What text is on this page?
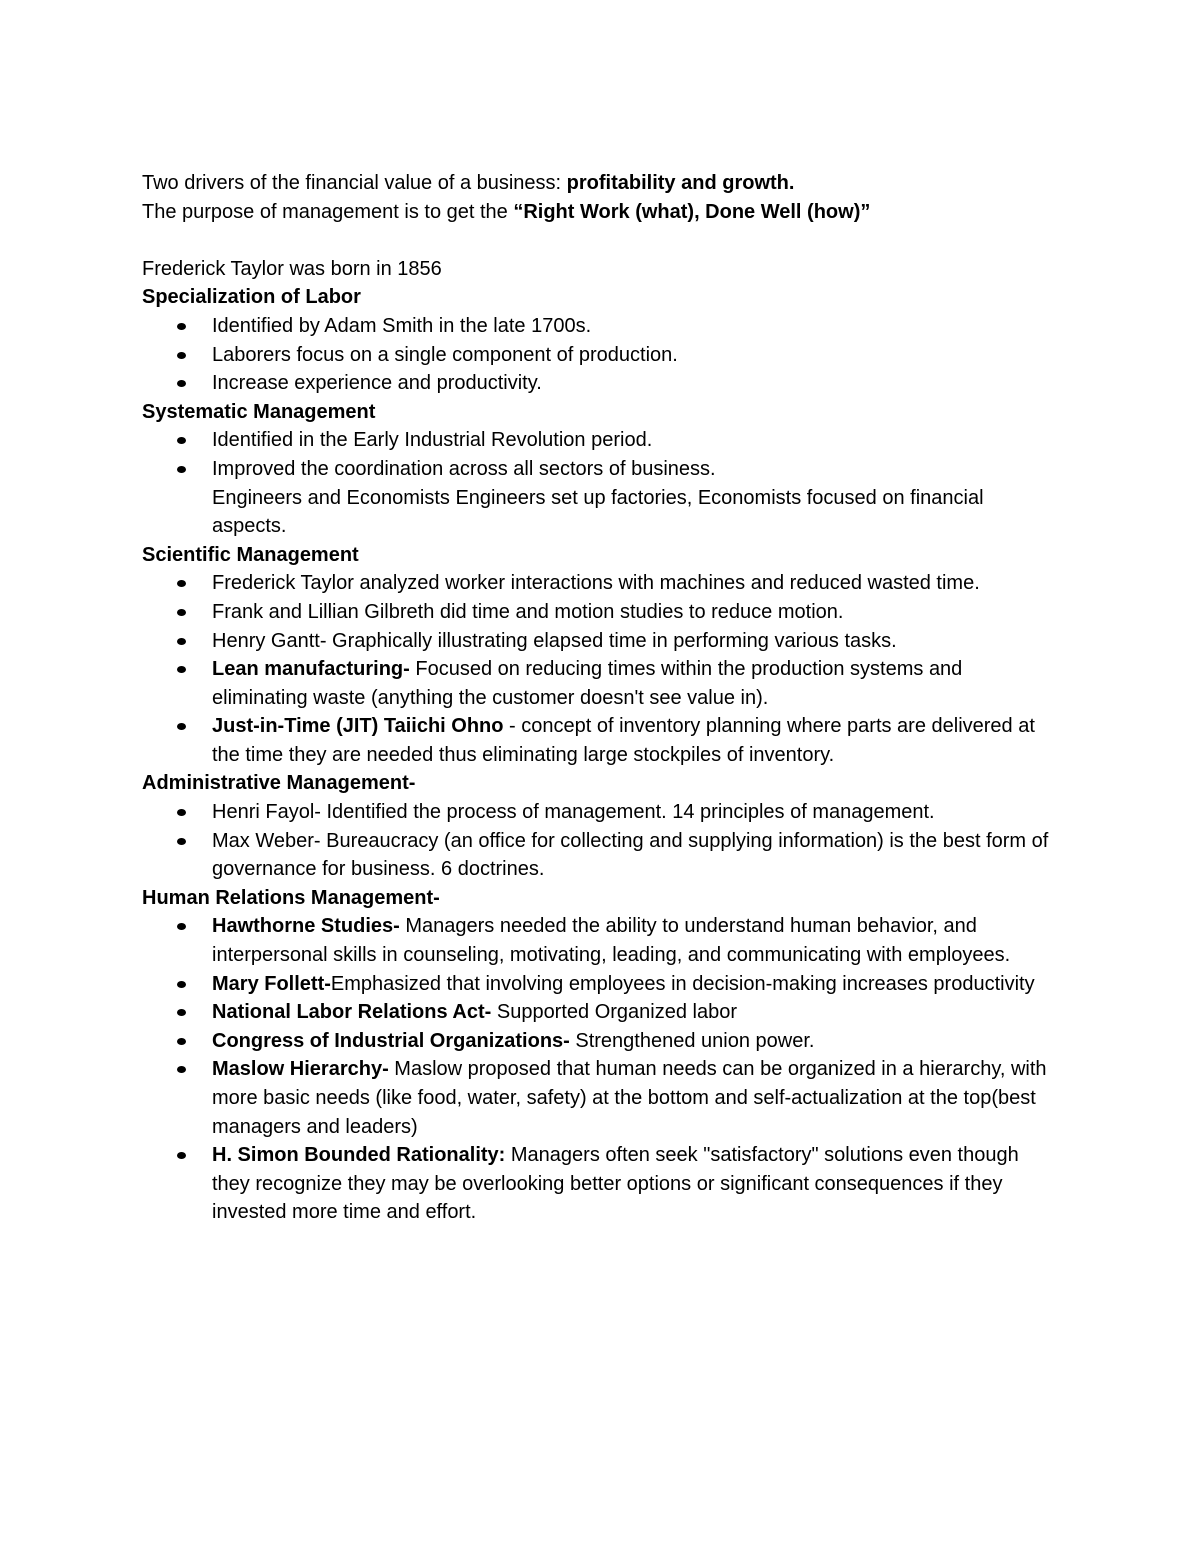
Two drivers of the financial value of a business: profitability and growth.
The purpose of management is to get the “Right Work (what), Done Well (how)”
Frederick Taylor was born in 1856
Specialization of Labor
Identified by Adam Smith in the late 1700s.
Laborers focus on a single component of production.
Increase experience and productivity.
Systematic Management
Identified in the Early Industrial Revolution period.
Improved the coordination across all sectors of business.
Engineers and Economists Engineers set up factories, Economists focused on financial aspects.
Scientific Management
Frederick Taylor analyzed worker interactions with machines and reduced wasted time.
Frank and Lillian Gilbreth did time and motion studies to reduce motion.
Henry Gantt- Graphically illustrating elapsed time in performing various tasks.
Lean manufacturing- Focused on reducing times within the production systems and eliminating waste (anything the customer doesn't see value in).
Just-in-Time (JIT) Taiichi Ohno - concept of inventory planning where parts are delivered at the time they are needed thus eliminating large stockpiles of inventory.
Administrative Management-
Henri Fayol- Identified the process of management. 14 principles of management.
Max Weber- Bureaucracy (an office for collecting and supplying information) is the best form of governance for business. 6 doctrines.
Human Relations Management-
Hawthorne Studies- Managers needed the ability to understand human behavior, and interpersonal skills in counseling, motivating, leading, and communicating with employees.
Mary Follett-Emphasized that involving employees in decision-making increases productivity
National Labor Relations Act- Supported Organized labor
Congress of Industrial Organizations- Strengthened union power.
Maslow Hierarchy- Maslow proposed that human needs can be organized in a hierarchy, with more basic needs (like food, water, safety) at the bottom and self-actualization at the top(best managers and leaders)
H. Simon Bounded Rationality: Managers often seek "satisfactory" solutions even though they recognize they may be overlooking better options or significant consequences if they invested more time and effort.
